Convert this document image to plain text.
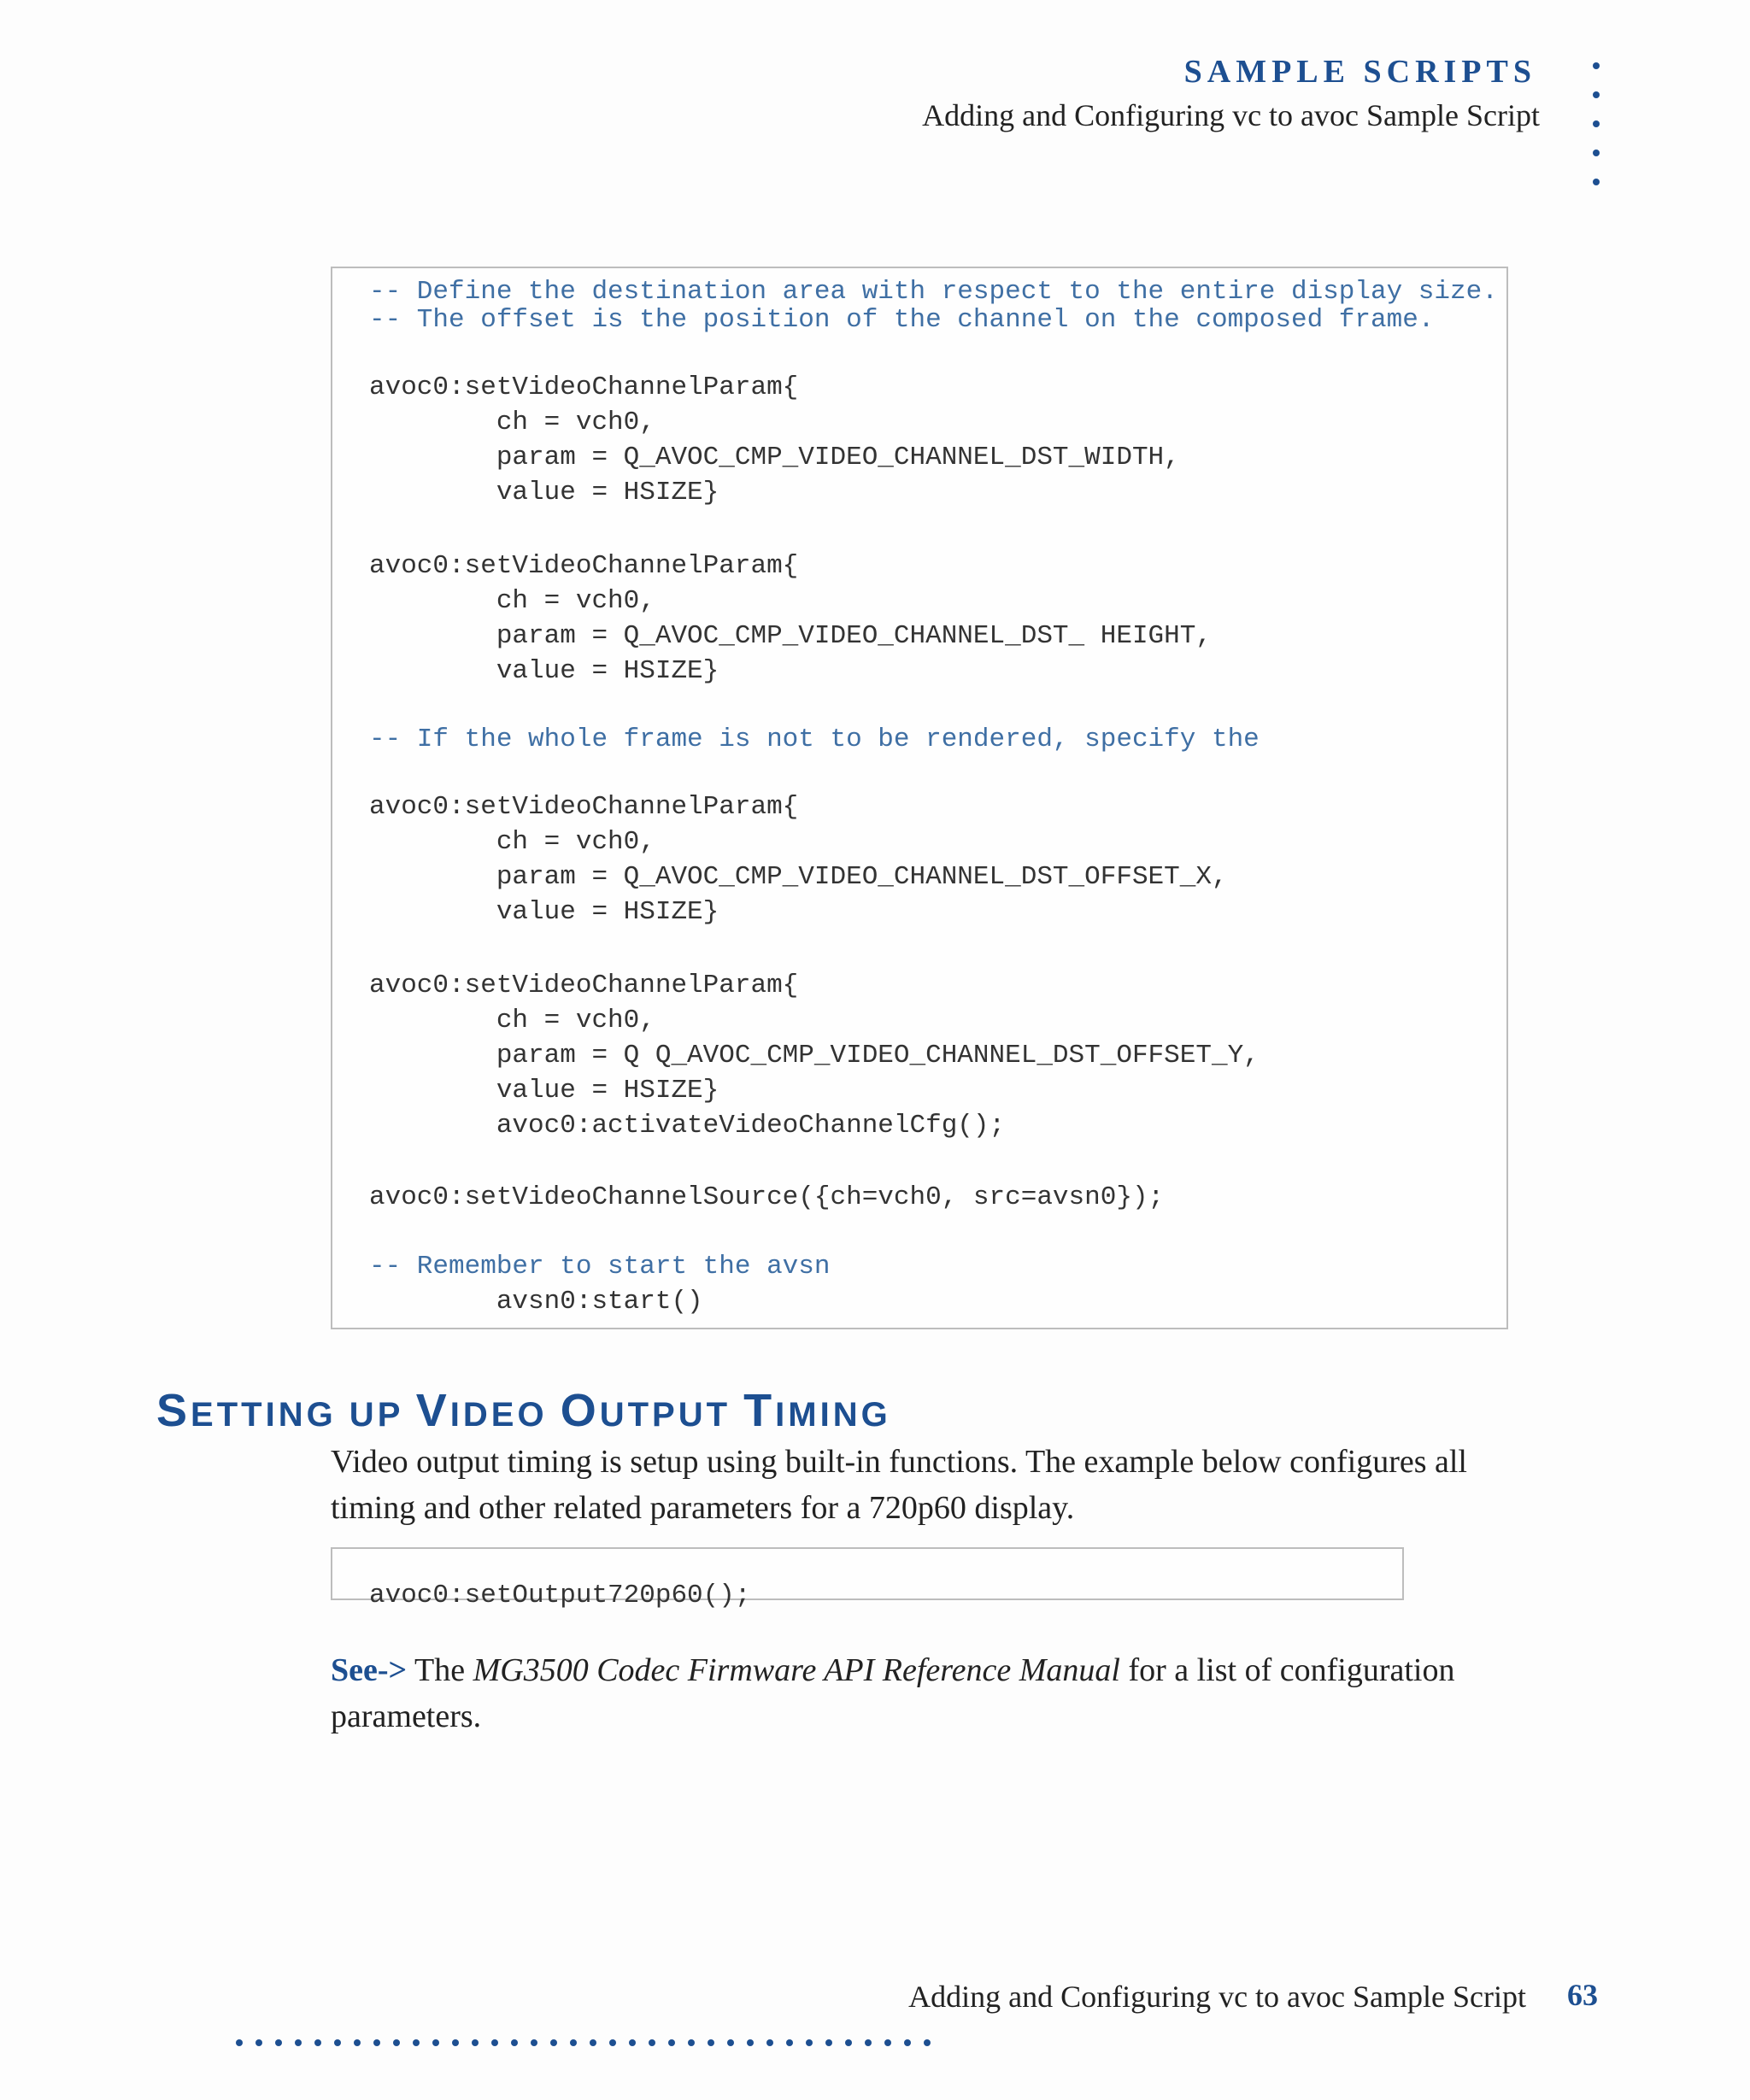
SAMPLE SCRIPTS
Adding and Configuring vc to avoc Sample Script
-- Define the destination area with respect to the entire display size.
-- The offset is the position of the channel on the composed frame.
avoc0:setVideoChannelParam{
ch = vch0,
param = Q_AVOC_CMP_VIDEO_CHANNEL_DST_WIDTH,
value = HSIZE}
avoc0:setVideoChannelParam{
ch = vch0,
param = Q_AVOC_CMP_VIDEO_CHANNEL_DST_ HEIGHT,
value = HSIZE}
-- If the whole frame is not to be rendered, specify the
avoc0:setVideoChannelParam{
ch = vch0,
param = Q_AVOC_CMP_VIDEO_CHANNEL_DST_OFFSET_X,
value = HSIZE}
avoc0:setVideoChannelParam{
ch = vch0,
param = Q Q_AVOC_CMP_VIDEO_CHANNEL_DST_OFFSET_Y,
value = HSIZE}
avoc0:activateVideoChannelCfg();
avoc0:setVideoChannelSource({ch=vch0, src=avsn0});
-- Remember to start the avsn
avsn0:start()
SETTING UP VIDEO OUTPUT TIMING

Video output timing is setup using built-in functions. The example below configures all timing and other related parameters for a 720p60 display.

avoc0:setOutput720p60();

See-> The MG3500 Codec Firmware API Reference Manual for a list of configuration parameters.

Adding and Configuring vc to avoc Sample Script 63
